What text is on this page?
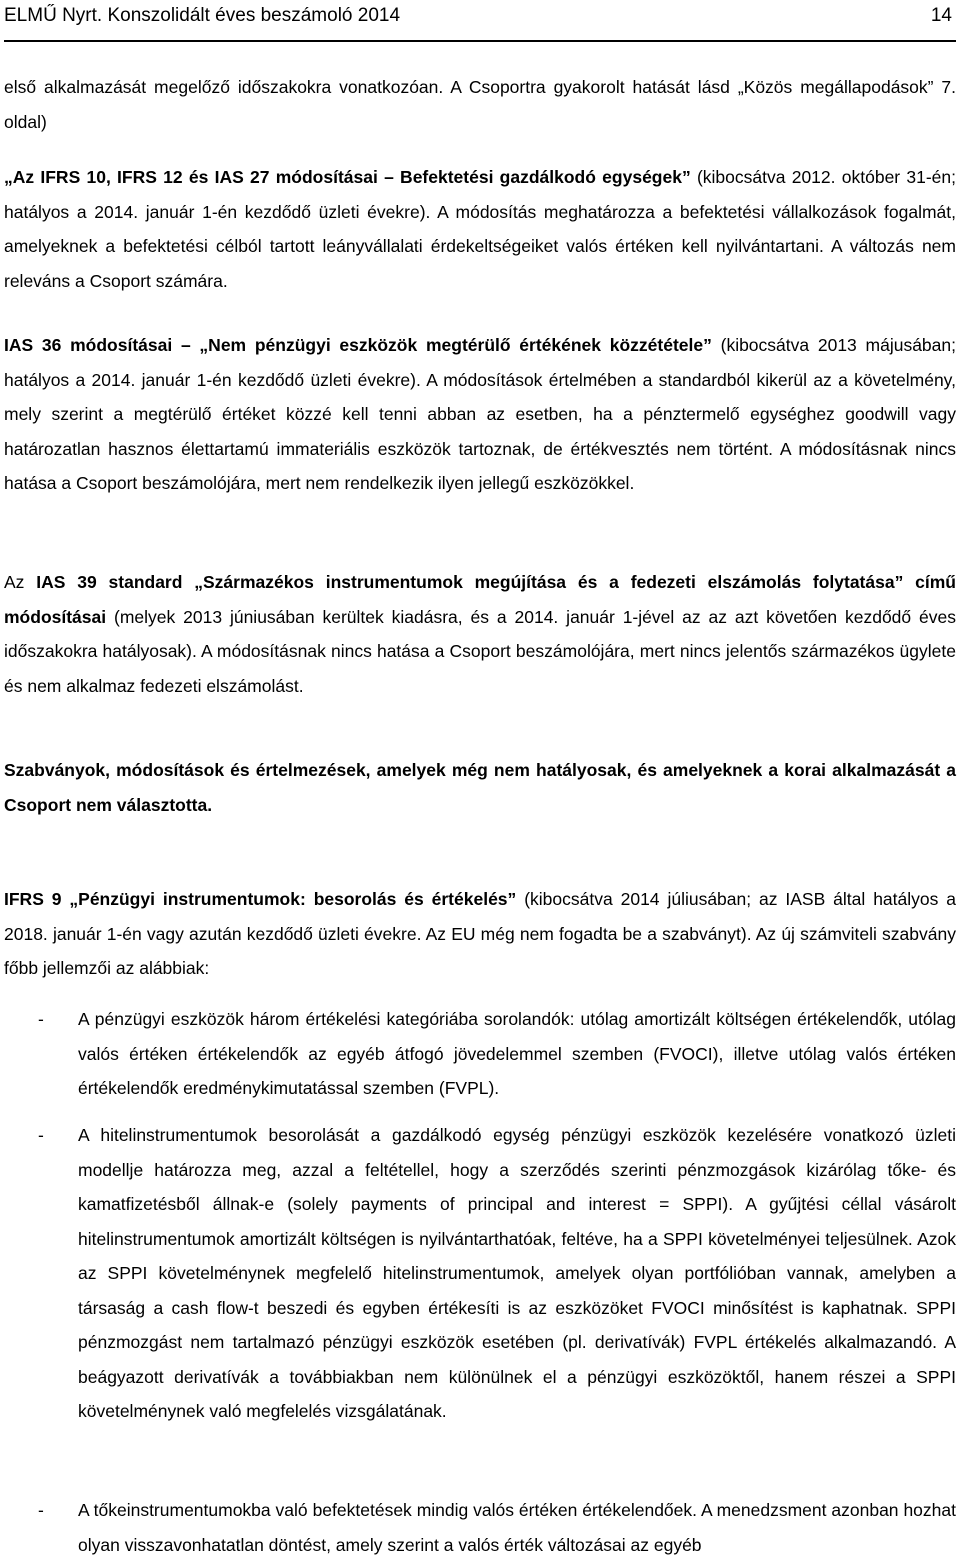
ELMŰ Nyrt. Konszolidált éves beszámoló 2014	14

első alkalmazását megelőző időszakokra vonatkozóan. A Csoportra gyakorolt hatását lásd „Közös megállapodások” 7. oldal)

„Az IFRS 10, IFRS 12 és IAS 27 módosításai – Befektetési gazdálkodó egységek” (kibocsátva 2012. október 31-én; hatályos a 2014. január 1-én kezdődő üzleti évekre). A módosítás meghatározza a befektetési vállalkozások fogalmát, amelyeknek a befektetési célból tartott leányvállalati érdekeltségeiket valós értéken kell nyilvántartani. A változás nem releváns a Csoport számára.

IAS 36 módosításai – „Nem pénzügyi eszközök megtérülő értékének közzététele” (kibocsátva 2013 májusában; hatályos a 2014. január 1-én kezdődő üzleti évekre). A módosítások értelmében a standardból kikerül az a követelmény, mely szerint a megtérülő értéket közzé kell tenni abban az esetben, ha a pénztermelő egységhez goodwill vagy határozatlan hasznos élettartamú immateriális eszközök tartoznak, de értékvesztés nem történt. A módosításnak nincs hatása a Csoport beszámolójára, mert nem rendelkezik ilyen jellegű eszközökkel.

Az IAS 39 standard „Származékos instrumentumok megújítása és a fedezeti elszámolás folytatása” című módosításai (melyek 2013 júniusában kerültek kiadásra, és a 2014. január 1-jével az az azt követően kezdődő éves időszakokra hatályosak). A módosításnak nincs hatása a Csoport beszámolójára, mert nincs jelentős származékos ügylete és nem alkalmaz fedezeti elszámolást.

Szabványok, módosítások és értelmezések, amelyek még nem hatályosak, és amelyeknek a korai alkalmazását a Csoport nem választotta.

IFRS 9 „Pénzügyi instrumentumok: besorolás és értékelés” (kibocsátva 2014 júliusában; az IASB által hatályos a 2018. január 1-én vagy azután kezdődő üzleti évekre. Az EU még nem fogadta be a szabványt). Az új számviteli szabvány főbb jellemzői az alábbiak:

- A pénzügyi eszközök három értékelési kategóriába sorolandók: utólag amortizált költségen értékelendők, utólag valós értéken értékelendők az egyéb átfogó jövedelemmel szemben (FVOCI), illetve utólag valós értéken értékelendők eredménykimutatással szemben (FVPL).

- A hitelinstrumentumok besorolását a gazdálkodó egység pénzügyi eszközök kezelésére vonatkozó üzleti modellje határozza meg, azzal a feltétellel, hogy a szerződés szerinti pénzmozgások kizárólag tőke- és kamatfizetésből állnak-e (solely payments of principal and interest = SPPI). A gyűjtési céllal vásárolt hitelinstrumentumok amortizált költségen is nyilvántarthatóak, feltéve, ha a SPPI követelményei teljesülnek. Azok az SPPI követelménynek megfelelő hitelinstrumentumok, amelyek olyan portfólióban vannak, amelyben a társaság a cash flow-t beszedi és egyben értékesíti is az eszközöket FVOCI minősítést is kaphatnak. SPPI pénzmozgást nem tartalmazó pénzügyi eszközök esetében (pl. derivatívák) FVPL értékelés alkalmazandó. A beágyazott derivatívák a továbbiakban nem különülnek el a pénzügyi eszközöktől, hanem részei a SPPI követelménynek való megfelelés vizsgálatának.

- A tőkeinstrumentumokba való befektetések mindig valós értéken értékelendőek. A menedzsment azonban hozhat olyan visszavonhatatlan döntést, amely szerint a valós érték változásai az egyéb
